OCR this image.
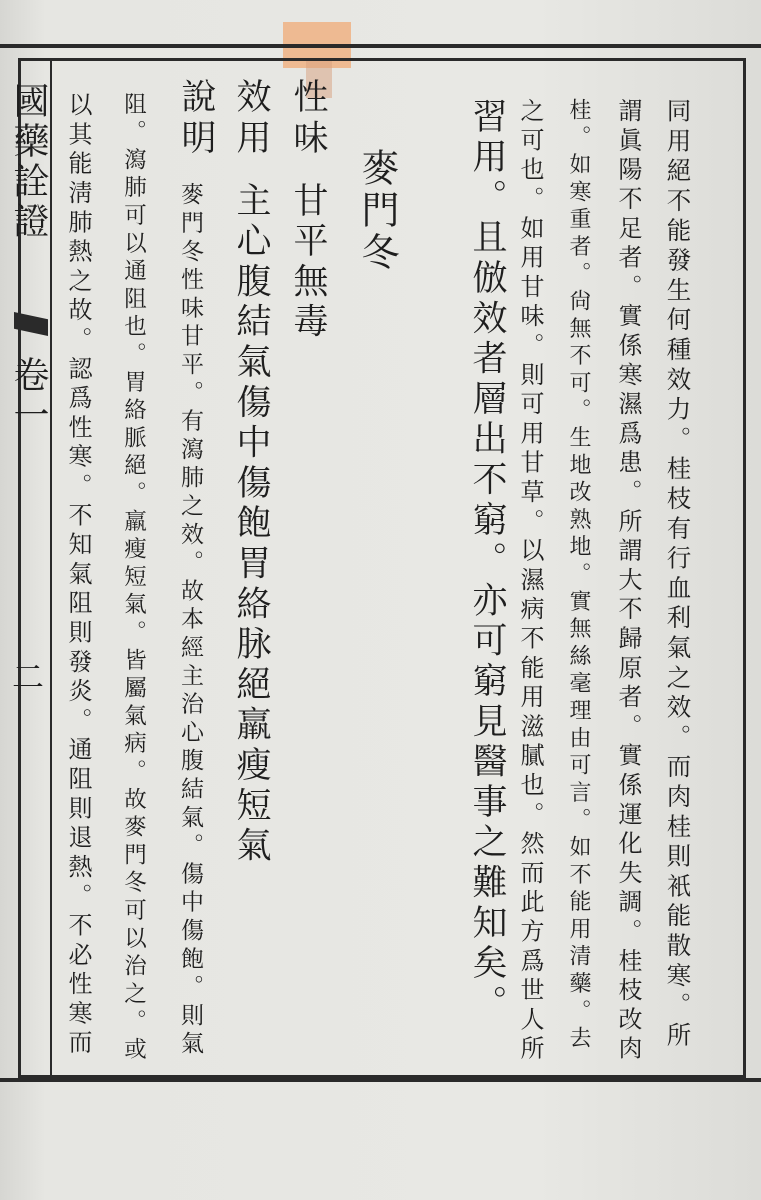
國藥詮證
卷一
二	同用絕不能發生何種效力。桂枝有行血利氣之效。而肉桂則衹能散寒。所
謂眞陽不足者。實係寒濕爲患。所謂大不歸原者。實係運化失調。桂枝改肉
桂。如寒重者。尙無不可。生地改熟地。實無絲毫理由可言。如不能用清藥。去
之可也。如用甘味。則可用甘草。以濕病不能用滋膩也。然而此方爲世人所
習用。且倣效者層出不窮。亦可窮見醫事之難知矣。
麥門冬
性味
甘平無毒
效用
主心腹結氣傷中傷飽胃絡脉絕羸瘦短氣
說明
麥門冬性味甘平。有瀉肺之效。故本經主治心腹結氣。傷中傷飽。則氣
阻。瀉肺可以通阻也。胃絡脈絕。羸瘦短氣。皆屬氣病。故麥門冬可以治之。或
以其能淸肺熱之故。認爲性寒。不知氣阻則發炎。通阻則退熱。不必性寒而
